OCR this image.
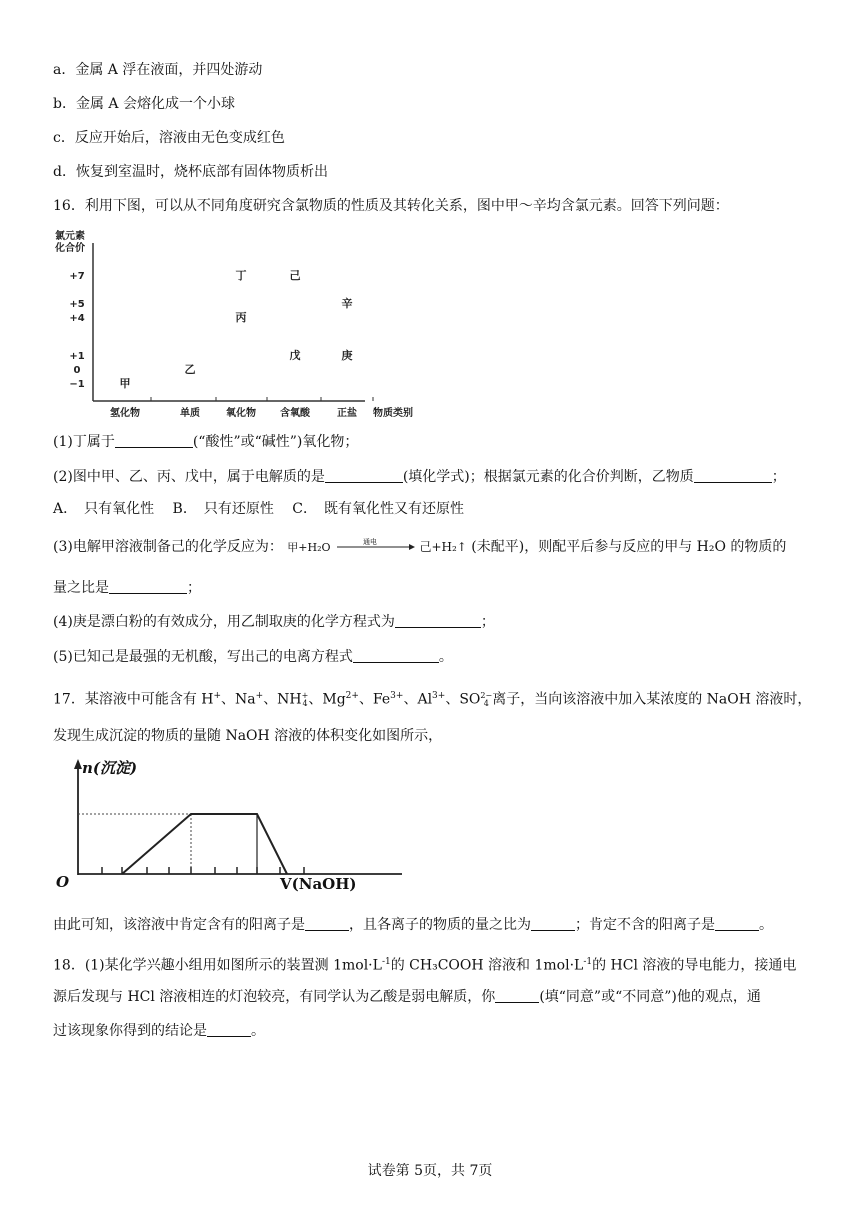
a．金属 A 浮在液面，并四处游动
b．金属 A 会熔化成一个小球
c．反应开始后，溶液由无色变成红色
d．恢复到室温时，烧杯底部有固体物质析出
16．利用下图，可以从不同角度研究含氯物质的性质及其转化关系，图中甲～辛均含氯元素。回答下列问题：
氯元素
化合价
+7
+5
+4
+1
0
−1
氢化物	单质	氧化物 含氧酸	正盐 物质类别
甲
乙
丙
丁
戊
己
庚
辛
(1)丁属于	(“酸性”或“碱性”)氧化物；
(2)图中甲、乙、丙、戊中，属于电解质的是	(填化学式)；根据氯元素的化合价判断，乙物质	；
A．　只有氧化性　 B．　只有还原性　 C．　既有氧化性又有还原性
(3)电解甲溶液制备己的化学反应为： 甲+H₂O	通电	己+H₂↑ (未配平)，则配平后参与反应的甲与 H₂O 的物质的
量之比是	；
(4)庚是漂白粉的有效成分，用乙制取庚的化学方程式为	；
(5)已知己是最强的无机酸，写出己的电离方程式	。
17．某溶液中可能含有 H+、Na+、NH+
4、$Mg^{2+}$、$Fe^{3+}$、$Al^{3+}$、SO2−
4 离子，当向该溶液中加入某浓度的 NaOH 溶液时，
发现生成沉淀的物质的量随 NaOH 溶液的体积变化如图所示，
n(沉淀)
O	V(NaOH)
由此可知，该溶液中肯定含有的阳离子是	，且各离子的物质的量之比为	；肯定不含的阳离子是	。
18．(1)某化学兴趣小组用如图所示的装置测 $1mol\cdot L^{-1}$的 CH₃COOH 溶液和 $1mol\cdot L^{-1}$的 HCl 溶液的导电能力，接通电
源后发现与 HCl 溶液相连的灯泡较亮，有同学认为乙酸是弱电解质，你	(填“同意”或“不同意”)他的观点，通
过该现象你得到的结论是	。
试卷第 5页，共 7页
